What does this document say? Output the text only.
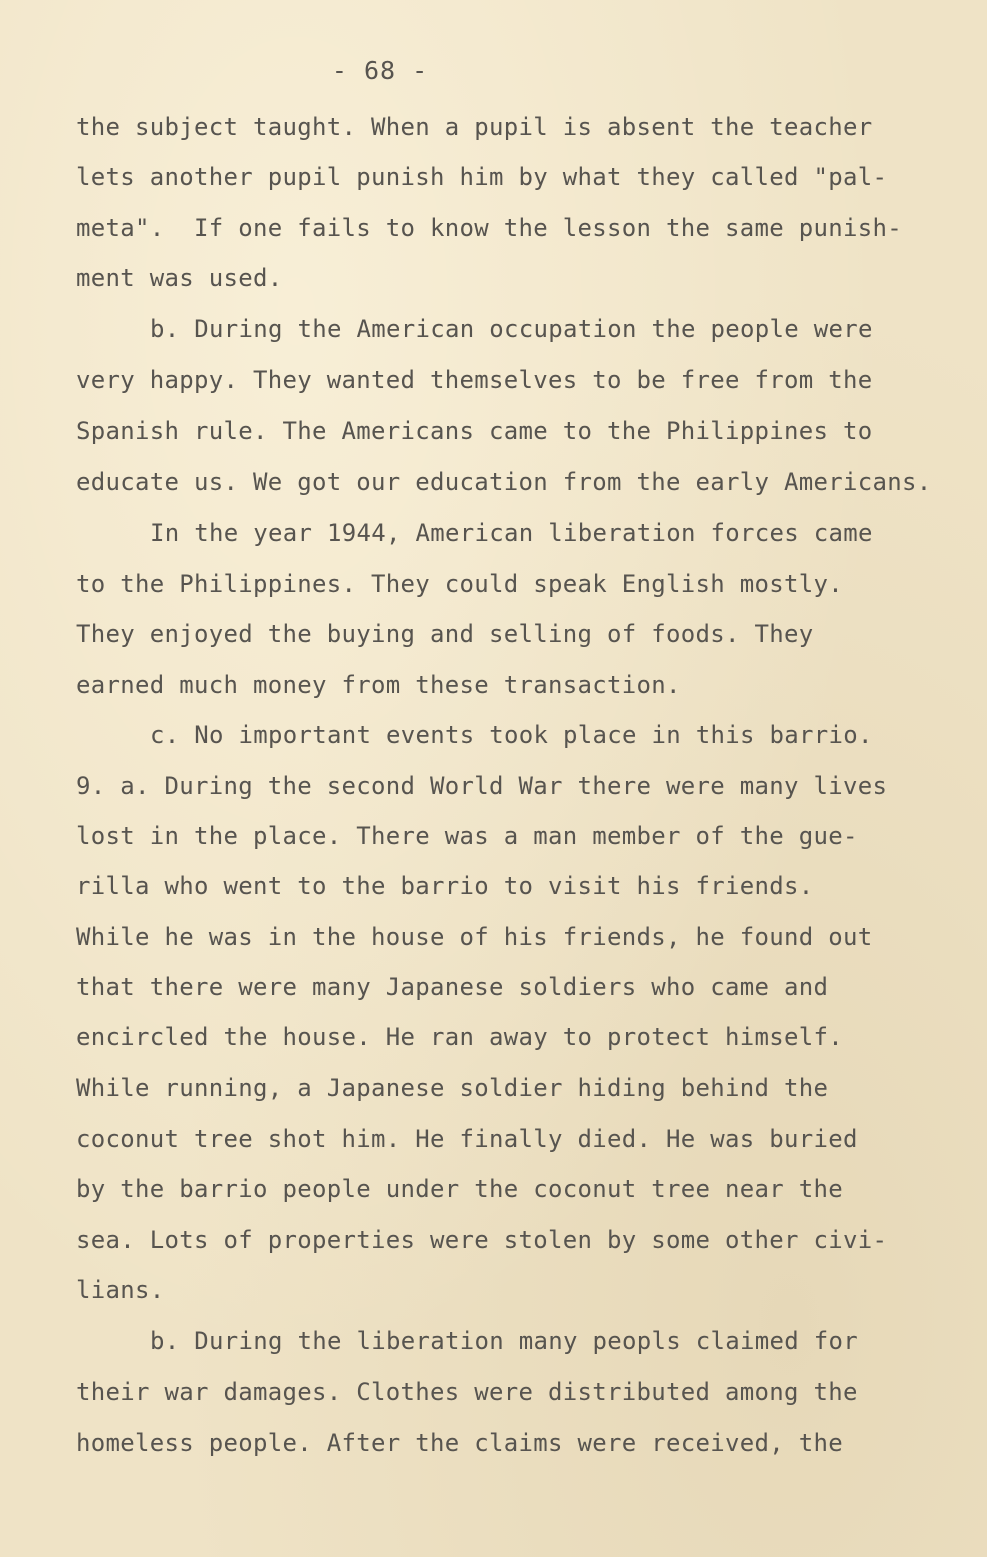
- 68 -
the subject taught. When a pupil is absent the teacher
lets another pupil punish him by what they called "pal-
meta".  If one fails to know the lesson the same punish-
ment was used.
b. During the American occupation the people were
very happy. They wanted themselves to be free from the
Spanish rule. The Americans came to the Philippines to
educate us. We got our education from the early Americans.
In the year 1944, American liberation forces came
to the Philippines. They could speak English mostly.
They enjoyed the buying and selling of foods. They
earned much money from these transaction.
c. No important events took place in this barrio.
9. a. During the second World War there were many lives
lost in the place. There was a man member of the gue-
rilla who went to the barrio to visit his friends.
While he was in the house of his friends, he found out
that there were many Japanese soldiers who came and
encircled the house. He ran away to protect himself.
While running, a Japanese soldier hiding behind the
coconut tree shot him. He finally died. He was buried
by the barrio people under the coconut tree near the
sea. Lots of properties were stolen by some other civi-
lians.
b. During the liberation many peopls claimed for
their war damages. Clothes were distributed among the
homeless people. After the claims were received, the
